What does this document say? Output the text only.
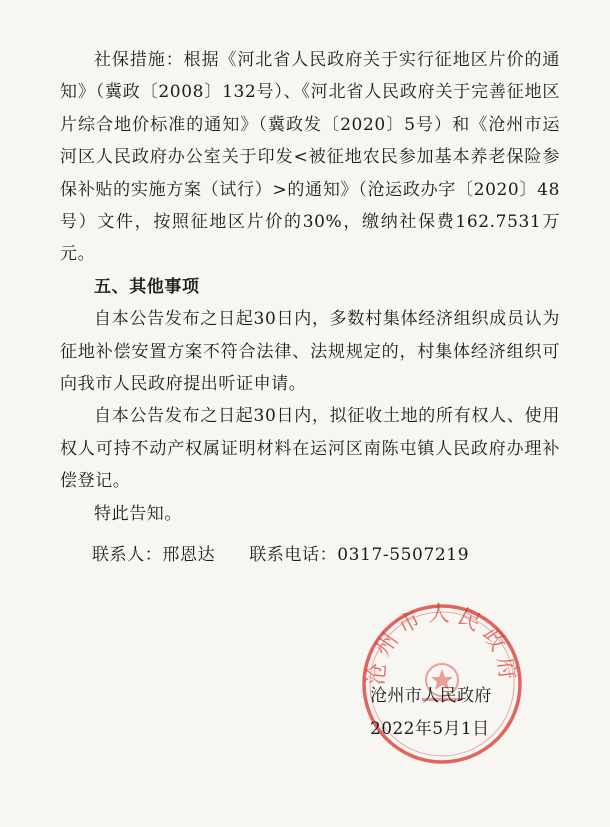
社保措施：根据《河北省人民政府关于实行征地区片价的通知》（冀政〔2008〕132号）、《河北省人民政府关于完善征地区片综合地价标准的通知》（冀政发〔2020〕5号）和《沧州市运河区人民政府办公室关于印发<被征地农民参加基本养老保险参保补贴的实施方案（试行）>的通知》（沧运政办字〔2020〕48号）文件，按照征地区片价的30%，缴纳社保费162.7531万元。

五、其他事项

自本公告发布之日起30日内，多数村集体经济组织成员认为征地补偿安置方案不符合法律、法规规定的，村集体经济组织可向我市人民政府提出听证申请。

自本公告发布之日起30日内，拟征收土地的所有权人、使用权人可持不动产权属证明材料在运河区南陈屯镇人民政府办理补偿登记。

特此告知。

联系人：邢恩达 联系电话：0317-5507219
沧州市人民政府
沧州市人民政府
2022年5月1日
